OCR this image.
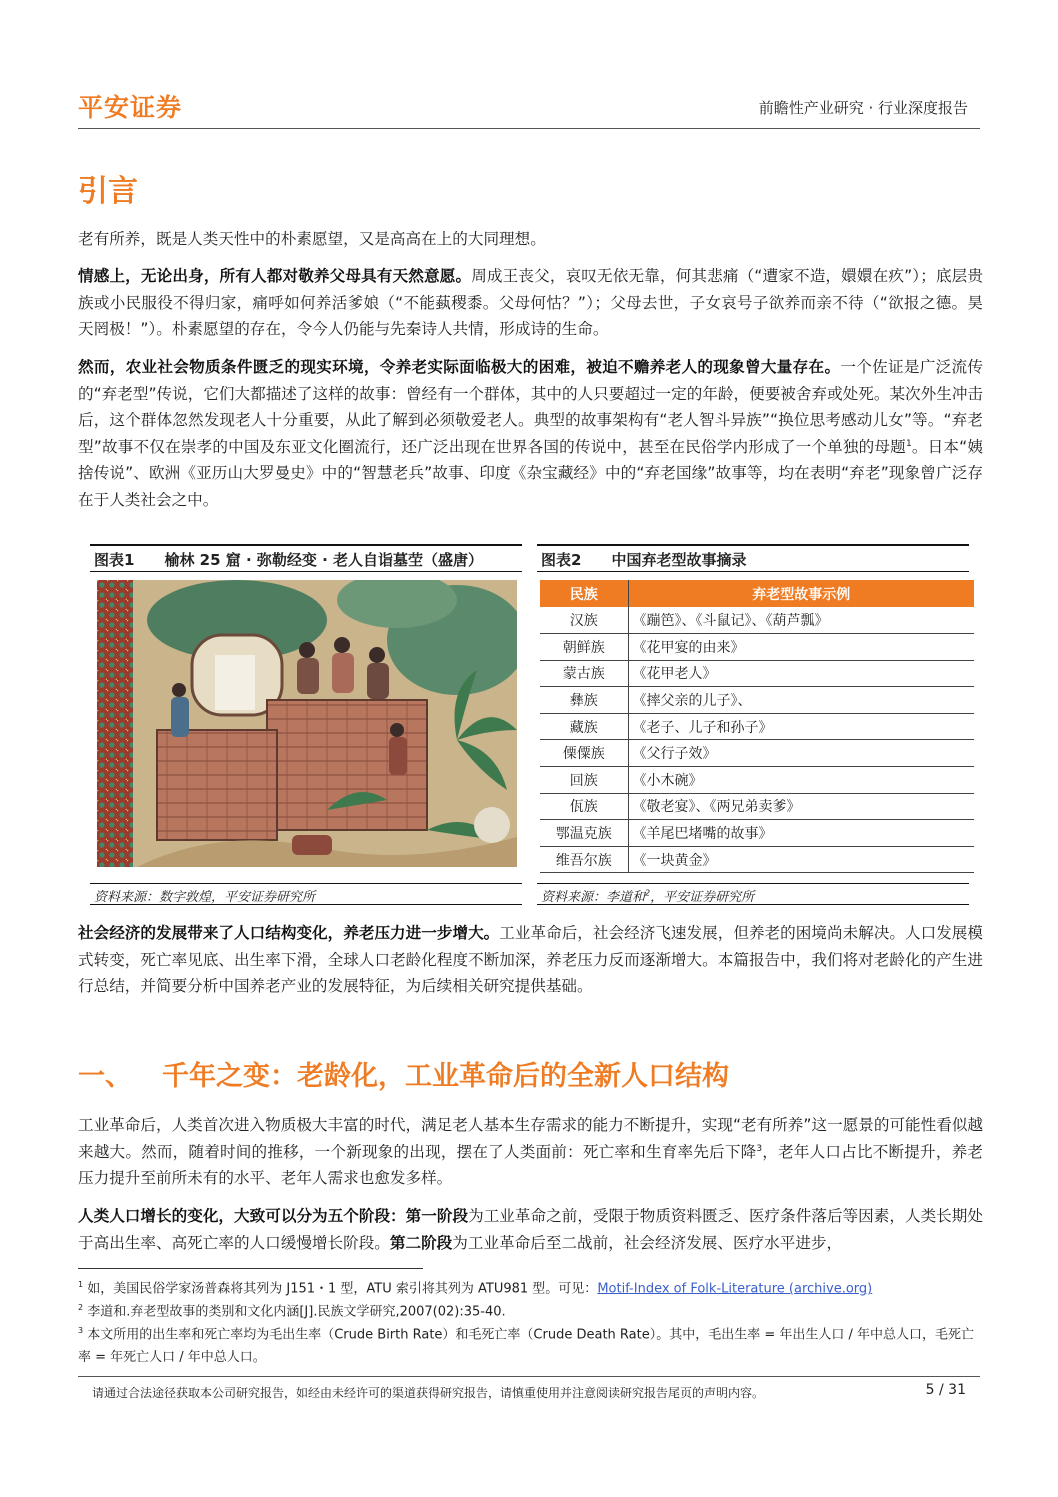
平安证券	前瞻性产业研究 · 行业深度报告
引言
老有所养，既是人类天性中的朴素愿望，又是高高在上的大同理想。
情感上，无论出身，所有人都对敬养父母具有天然意愿。周成王丧父，哀叹无依无靠，何其悲痛（“遭家不造，嬛嬛在疚”）；底层贵族或小民服役不得归家，痛呼如何养活爹娘（“不能蓺稷黍。父母何怙？”）；父母去世，子女哀号子欲养而亲不待（“欲报之德。昊天罔极！”）。朴素愿望的存在，令今人仍能与先秦诗人共情，形成诗的生命。
然而，农业社会物质条件匮乏的现实环境，令养老实际面临极大的困难，被迫不赡养老人的现象曾大量存在。一个佐证是广泛流传的“弃老型”传说，它们大都描述了这样的故事：曾经有一个群体，其中的人只要超过一定的年龄，便要被舍弃或处死。某次外生冲击后，这个群体忽然发现老人十分重要，从此了解到必须敬爱老人。典型的故事架构有“老人智斗异族”“换位思考感动儿女”等。“弃老型”故事不仅在崇孝的中国及东亚文化圈流行，还广泛出现在世界各国的传说中，甚至在民俗学内形成了一个单独的母题$^1$。日本“姨捨传说”、欧洲《亚历山大罗曼史》中的“智慧老兵”故事、印度《杂宝藏经》中的“弃老国缘”故事等，均在表明“弃老”现象曾广泛存在于人类社会之中。
图表1 榆林 25 窟 · 弥勒经变 · 老人自诣墓茔（盛唐）
资料来源：数字敦煌，平安证券研究所
图表2 中国弃老型故事摘录
民族	弃老型故事示例
汉族	《蹦笆》、《斗鼠记》、《葫芦瓢》
朝鲜族	《花甲宴的由来》
蒙古族	《花甲老人》
彝族	《摔父亲的儿子》、
藏族	《老子、儿子和孙子》
傈僳族	《父行子效》
回族	《小木碗》
佤族	《敬老宴》、《两兄弟卖爹》
鄂温克族	《羊尾巴堵嘴的故事》
维吾尔族	《一块黄金》
资料来源：李道和$^2$，平安证券研究所
社会经济的发展带来了人口结构变化，养老压力进一步增大。工业革命后，社会经济飞速发展，但养老的困境尚未解决。人口发展模式转变，死亡率见底、出生率下滑，全球人口老龄化程度不断加深，养老压力反而逐渐增大。本篇报告中，我们将对老龄化的产生进行总结，并简要分析中国养老产业的发展特征，为后续相关研究提供基础。
一、 千年之变：老龄化，工业革命后的全新人口结构
工业革命后，人类首次进入物质极大丰富的时代，满足老人基本生存需求的能力不断提升，实现“老有所养”这一愿景的可能性看似越来越大。然而，随着时间的推移，一个新现象的出现，摆在了人类面前：死亡率和生育率先后下降$^3$，老年人口占比不断提升，养老压力提升至前所未有的水平、老年人需求也愈发多样。
人类人口增长的变化，大致可以分为五个阶段：第一阶段为工业革命之前，受限于物质资料匮乏、医疗条件落后等因素，人类长期处于高出生率、高死亡率的人口缓慢增长阶段。第二阶段为工业革命后至二战前，社会经济发展、医疗水平进步，
$^1$ 如，美国民俗学家汤普森将其列为 J151・1 型，ATU 索引将其列为 ATU981 型。可见：Motif-Index of Folk-Literature (archive.org)
$^2$ 李道和.弃老型故事的类别和文化内涵[J].民族文学研究,2007(02):35-40.
$^3$ 本文所用的出生率和死亡率均为毛出生率（Crude Birth Rate）和毛死亡率（Crude Death Rate）。其中，毛出生率 = 年出生人口 / 年中总人口，毛死亡率 = 年死亡人口 / 年中总人口。
请通过合法途径获取本公司研究报告，如经由未经许可的渠道获得研究报告，请慎重使用并注意阅读研究报告尾页的声明内容。	5 / 31
